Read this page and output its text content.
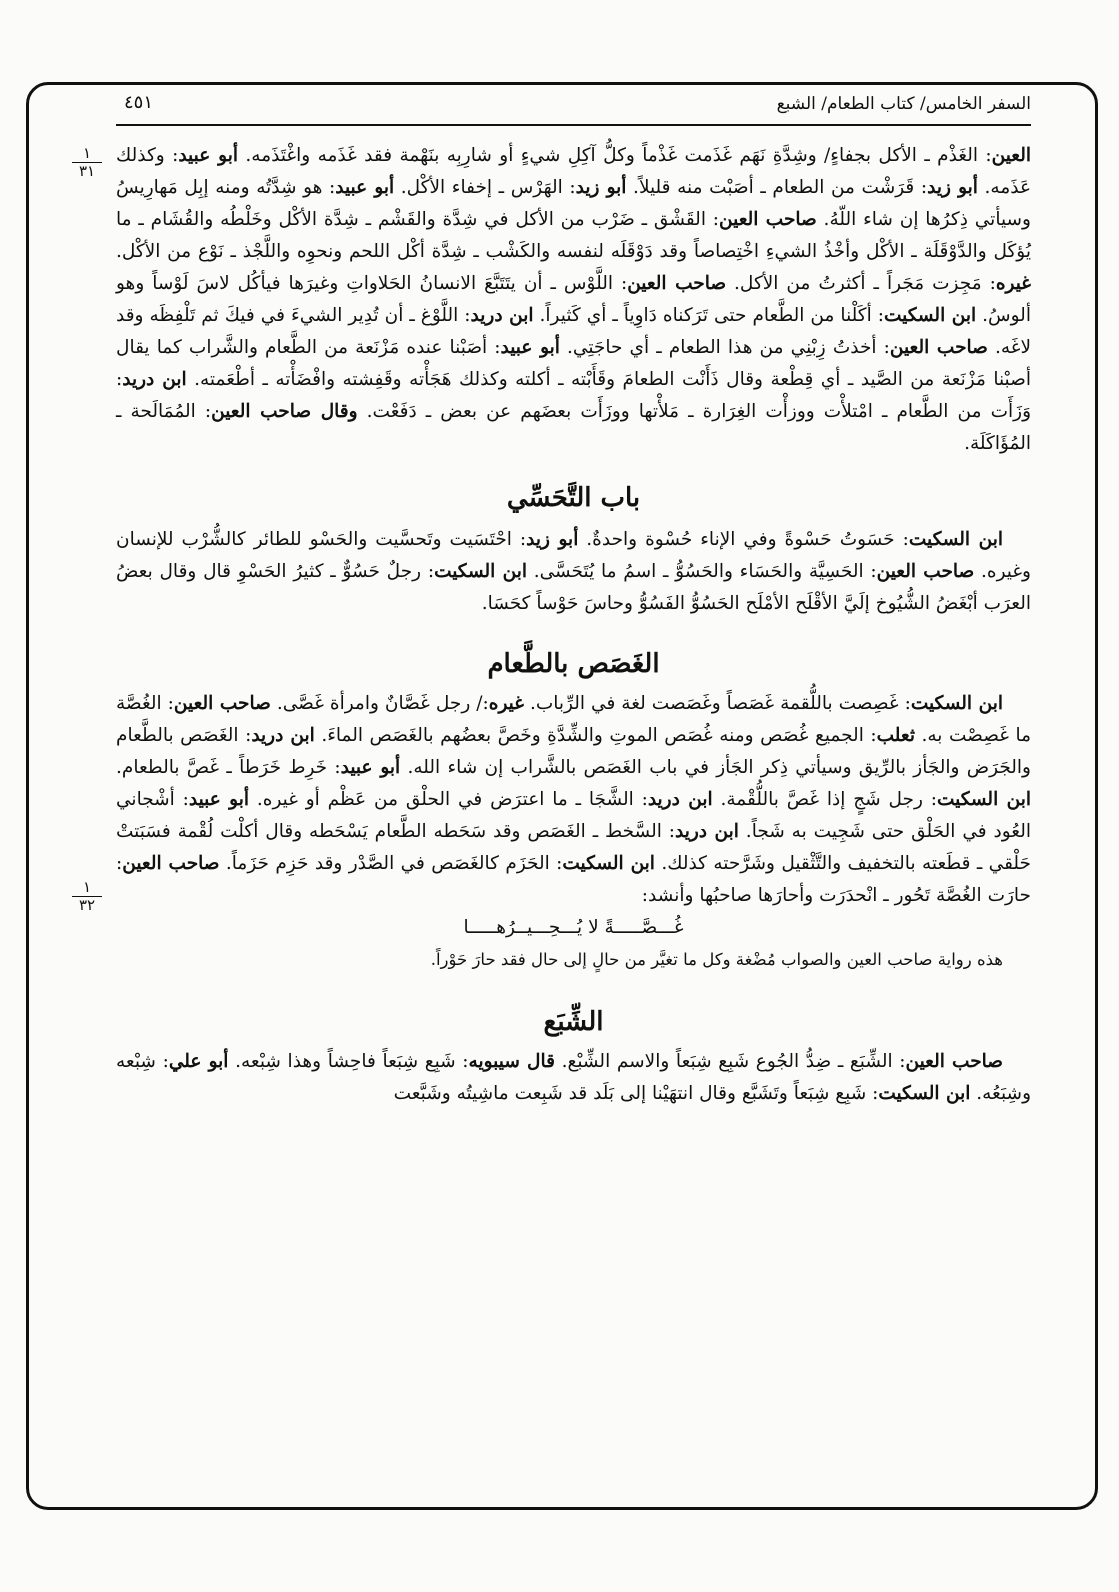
السفر الخامس/ كتاب الطعام/ الشبع
٤٥١
١
٣١
١
٣٢

العين: الغَذْم ـ الأكل بجفاءٍ/ وشِدَّةِ نَهَم غَذَمت غَذْماً وكلُّ آكِلِ شيءٍ أو شارِبِه بنَهْمة فقد غَذَمه واغْتَذَمه. أبو عبيد: وكذلك عَذَمه. أبو زيد: قَرَشْت من الطعام ـ أصَبْت منه قليلاً. أبو زيد: الهَرْس ـ إخفاء الأكْل. أبو عبيد: هو شِدَّتُه ومنه إبِل مَهارِيسُ وسيأتي ذِكرُها إن شاء اللّهُ. صاحب العين: القَشْق ـ ضَرْب من الأكل في شِدَّة والقَشْم ـ شِدَّة الأكْل وخَلْطُه والقُشَام ـ ما يُؤكَل والدَّوْقَلَة ـ الأكْل وأخْذُ الشيءِ اخْتِصاصاً وقد دَوْقَلَه لنفسه والكَشْب ـ شِدَّة أكْل اللحم ونحوِه واللَّجْذ ـ نَوْع من الأكْل. غيره: مَجِزت مَجَراً ـ أكثرتُ من الأكل. صاحب العين: اللَّوْس ـ أن يتَتَبَّعَ الانسانُ الحَلاواتِ وغيرَها فيأكُل لاسَ لَوْساً وهو ألوسُ. ابن السكيت: أكَلْنا من الطَّعام حتى تَرَكناه دَاوِياً ـ أي كَثيراً. ابن دريد: اللَّوْغ ـ أن تُدِير الشيءَ في فيكَ ثم تَلْفِظَه وقد لاغَه. صاحب العين: أخذتُ زِبْنِي من هذا الطعام ـ أي حاجَتِي. أبو عبيد: أصَبْنا عنده مَزْنَعة من الطَّعام والشَّراب كما يقال أصبْنا مَزْنَعة من الصَّيد ـ أي قِطْعة وقال ذَأَنْت الطعامَ وقَأَبْته ـ أكلته وكذلك هَجَأْته وقَفِشته وافْضَأْته ـ أطْعَمته. ابن دريد: وَزَأَت من الطَّعام ـ امْتلأْت ووزأْت الغِرَارة ـ مَلأْتها ووزَأَت بعضَهم عن بعض ـ دَفَعْت. وقال صاحب العين: المُمَالَحة ـ المُؤَاكَلَة.

باب التَّحَسِّي

ابن السكيت: حَسَوتُ حَسْوةً وفي الإناء حُسْوة واحدةٌ. أبو زيد: احْتَسَيت وتَحسَّيت والحَسْو للطائر كالشُّرْب للإنسان وغيره. صاحب العين: الحَسِيَّة والحَسَاء والحَسُوُّ ـ اسمُ ما يُتَحَسَّى. ابن السكيت: رجلٌ حَسُوٌّ ـ كثيرُ الحَسْوِ قال وقال بعضُ العرَب أبْغَضُ الشُّيُوخ إلَيَّ الأقْلَح الأمْلَح الحَسُوُّ الفَسُوُّ وحاسَ حَوْساً كحَسَا.

الغَصَص بالطَّعام

ابن السكيت: غَصِصت باللُّقمة غَصَصاً وغَصَصت لغة في الرِّباب. غيره:/ رجل غَصَّانٌ وامرأة غَصَّى. صاحب العين: الغُصَّة ما غَصِصْت به. ثعلب: الجميع غُصَص ومنه غُصَص الموتِ والشِّدَّةِ وخَصَّ بعضُهم بالغَصَص الماءَ. ابن دريد: الغَصَص بالطَّعام والجَرَض والجَأز بالرِّيق وسيأتي ذِكر الجَأز في باب الغَصَص بالشَّراب إن شاء الله. أبو عبيد: خَرِط خَرَطاً ـ غَصَّ بالطعام. ابن السكيت: رجل شَجٍ إذا غَصَّ باللُّقْمة. ابن دريد: الشَّجَا ـ ما اعترَض في الحلْق من عَظْم أو غيره. أبو عبيد: أشْجاني العُود في الحَلْق حتى شَجِيت به شَجاً. ابن دريد: السَّخط ـ الغَصَص وقد سَحَطه الطَّعام يَسْحَطه وقال أكلْت لُقْمة فسَبَتتْ حَلْقي ـ قطَعته بالتخفيف والتَّثْقيل وشَرَّحته كذلك. ابن السكيت: الحَزَم كالغَصَص في الصَّدْر وقد حَزِم حَزَماً. صاحب العين: حارَت الغُصَّة تَحُور ـ انْحدَرَت وأحارَها صاحبُها وأنشد:

غُـــصَّـــــةً لا يُـــحِـــيــرُهـــــا

هذه رواية صاحب العين والصواب مُضْغة وكل ما تغيَّر من حالٍ إلى حال فقد حارَ حَوْراً.

الشِّبَع

صاحب العين: الشِّبَع ـ ضِدُّ الجُوع شَبِع شِبَعاً والاسم الشِّبْع. قال سيبويه: شَبِع شِبَعاً فاحِشاً وهذا شِبْعه. أبو علي: شِبْعه وشِبَعُه. ابن السكيت: شَبِع شِبَعاً وتَشَبَّع وقال انتهَيْنا إلى بَلَد قد شَبِعت ماشِيتُه وشَبَّعت
